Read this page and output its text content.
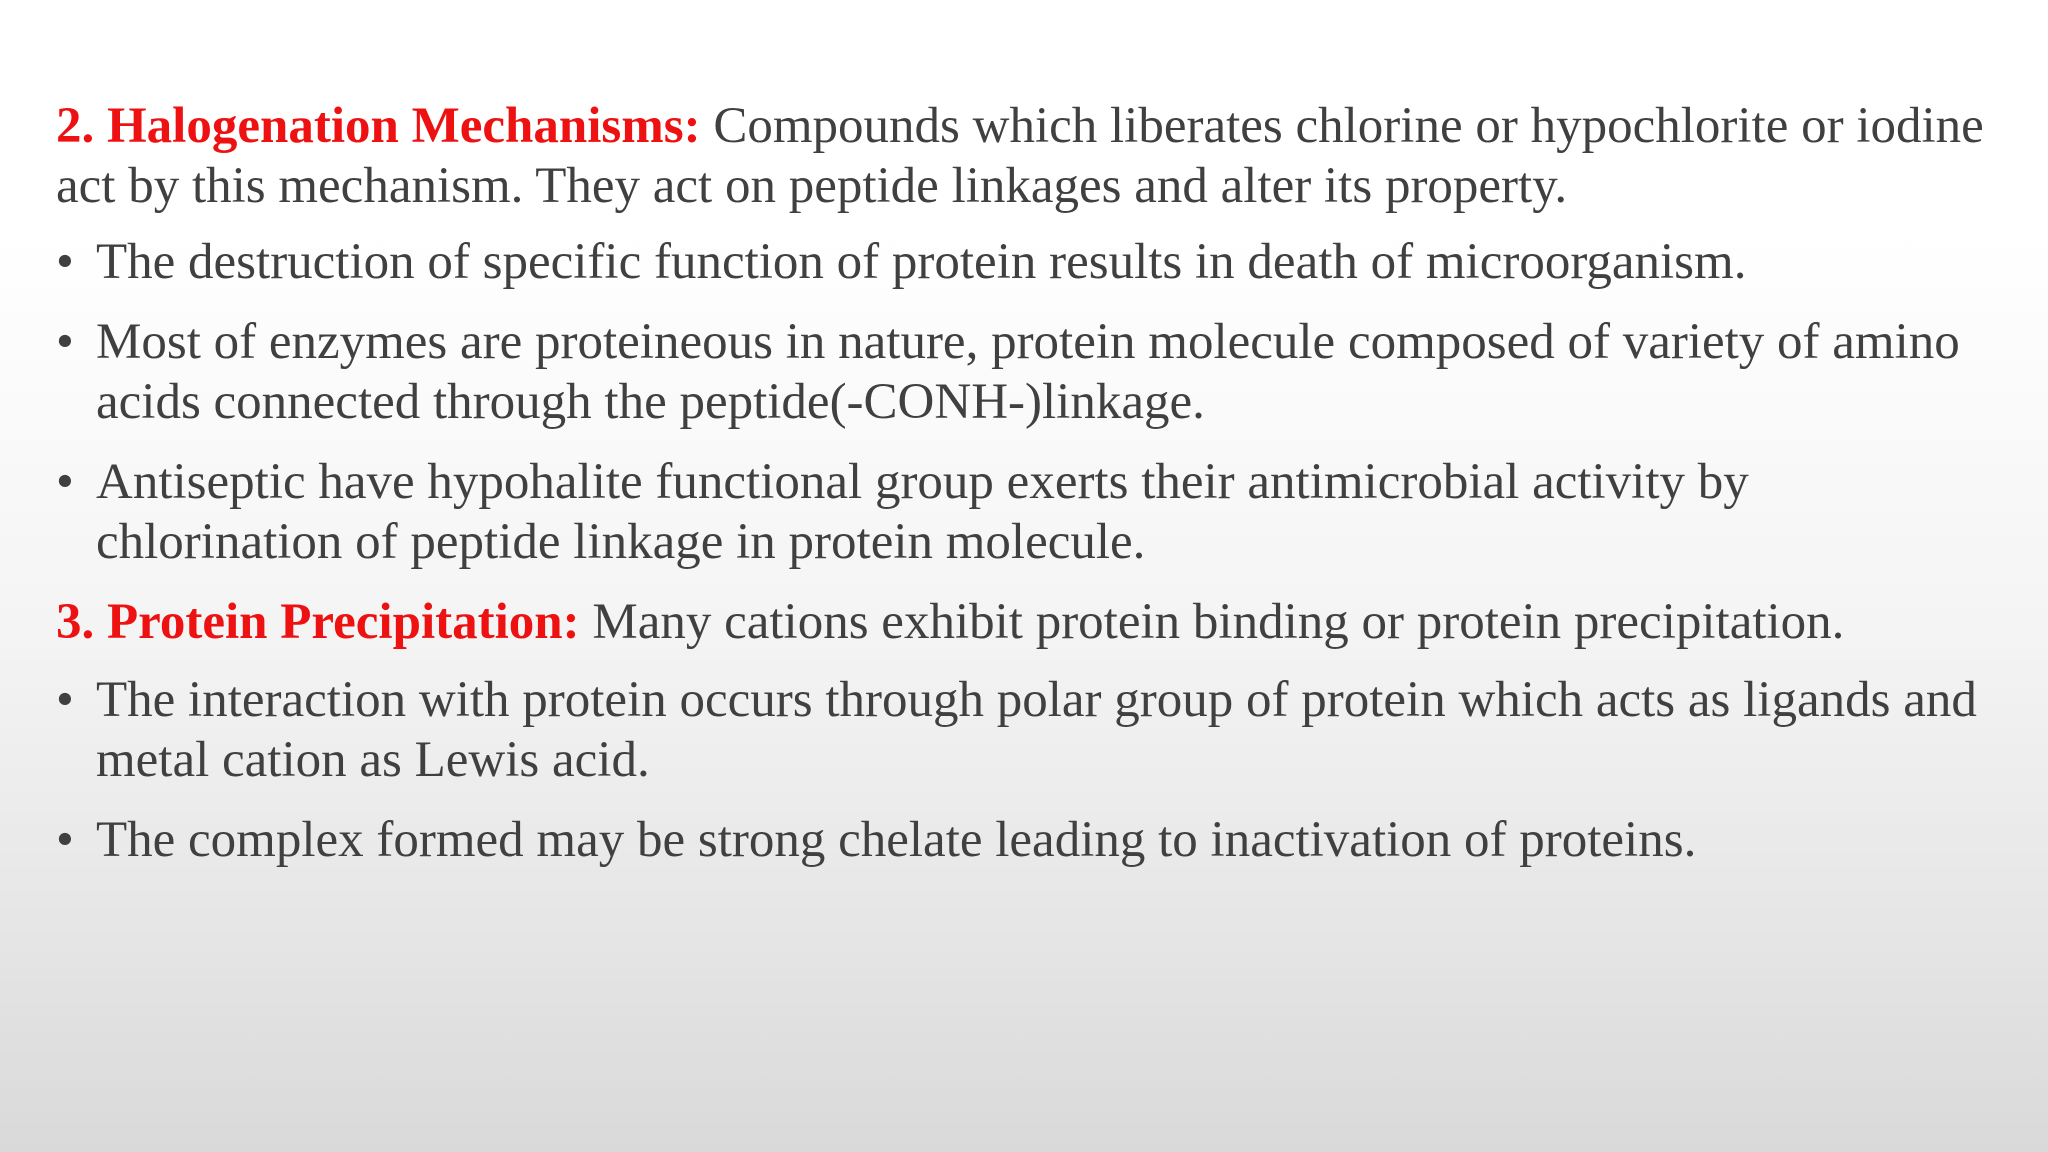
2. Halogenation Mechanisms: Compounds which liberates chlorine or hypochlorite or iodine act by this mechanism. They act on peptide linkages and alter its property.

• The destruction of specific function of protein results in death of microorganism.
• Most of enzymes are proteineous in nature, protein molecule composed of variety of amino acids connected through the peptide(-CONH-)linkage.
• Antiseptic have hypohalite functional group exerts their antimicrobial activity by chlorination of peptide linkage in protein molecule.

3. Protein Precipitation: Many cations exhibit protein binding or protein precipitation.

• The interaction with protein occurs through polar group of protein which acts as ligands and metal cation as Lewis acid.
• The complex formed may be strong chelate leading to inactivation of proteins.
